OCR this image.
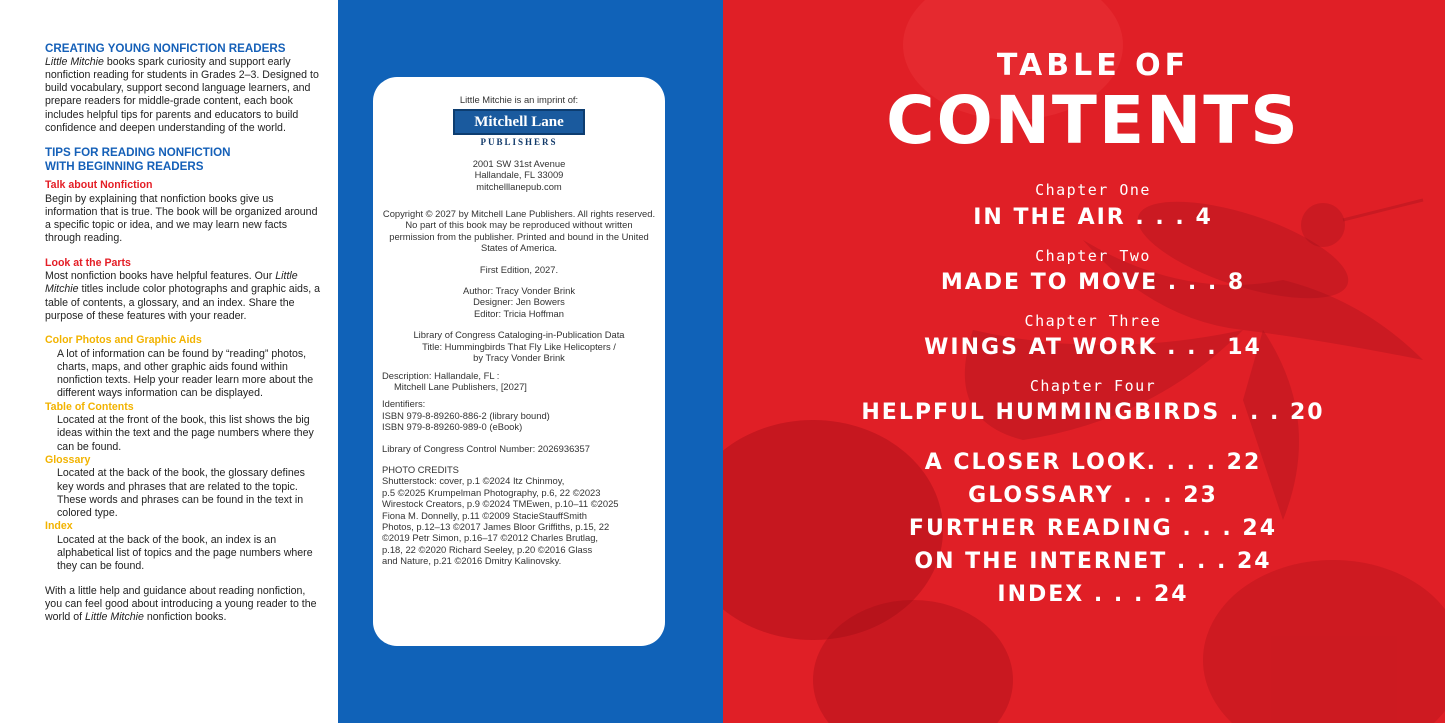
CREATING YOUNG NONFICTION READERS

Little Mitchie books spark curiosity and support early nonfiction reading for students in Grades 2–3. Designed to build vocabulary, support second language learners, and prepare readers for middle-grade content, each book includes helpful tips for parents and educators to build confidence and deepen understanding of the world.

TIPS FOR READING NONFICTION
WITH BEGINNING READERS

Talk about Nonfiction

Begin by explaining that nonfiction books give us information that is true. The book will be organized around a specific topic or idea, and we may learn new facts through reading.

Look at the Parts

Most nonfiction books have helpful features. Our Little Mitchie titles include color photographs and graphic aids, a table of contents, a glossary, and an index. Share the purpose of these features with your reader.

Color Photos and Graphic Aids

A lot of information can be found by “reading” photos, charts, maps, and other graphic aids found within nonfiction texts. Help your reader learn more about the different ways information can be displayed.

Table of Contents

Located at the front of the book, this list shows the big ideas within the text and the page numbers where they can be found.

Glossary

Located at the back of the book, the glossary defines key words and phrases that are related to the topic. These words and phrases can be found in the text in colored type.

Index

Located at the back of the book, an index is an alphabetical list of topics and the page numbers where they can be found.

With a little help and guidance about reading nonfiction, you can feel good about introducing a young reader to the world of Little Mitchie nonfiction books.

Little Mitchie is an imprint of:

Mitchell Lane
PUBLISHERS

2001 SW 31st Avenue

Hallandale, FL 33009

mitchelllanepub.com

Copyright © 2027 by Mitchell Lane Publishers. All rights reserved. No part of this book may be reproduced without written permission from the publisher. Printed and bound in the United States of America.

First Edition, 2027.

Author: Tracy Vonder Brink

Designer: Jen Bowers

Editor: Tricia Hoffman

Library of Congress Cataloging-in-Publication Data

Title: Hummingbirds That Fly Like Helicopters /

by Tracy Vonder Brink

Description: Hallandale, FL :

Mitchell Lane Publishers, [2027]

Identifiers:

ISBN 979-8-89260-886-2 (library bound)

ISBN 979-8-89260-989-0 (eBook)

Library of Congress Control Number: 2026936357

PHOTO CREDITS

Shutterstock: cover, p.1 ©2024 Itz Chinmoy,

p.5 ©2025 Krumpelman Photography, p.6, 22 ©2023

Wirestock Creators, p.9 ©2024 TMEwen, p.10–11 ©2025

Fiona M. Donnelly, p.11 ©2009 StacieStauffSmith

Photos, p.12–13 ©2017 James Bloor Griffiths, p.15, 22

©2019 Petr Simon, p.16–17 ©2012 Charles Brutlag,

p.18, 22 ©2020 Richard Seeley, p.20 ©2016 Glass

and Nature, p.21 ©2016 Dmitry Kalinovsky.

TABLE OF
CONTENTS
Chapter One
IN THE AIR . . . 4
Chapter Two
MADE TO MOVE . . . 8
Chapter Three
WINGS AT WORK . . . 14
Chapter Four
HELPFUL HUMMINGBIRDS . . . 20
A CLOSER LOOK. . . . 22
GLOSSARY . . . 23
FURTHER READING . . . 24
ON THE INTERNET . . . 24
INDEX . . . 24
